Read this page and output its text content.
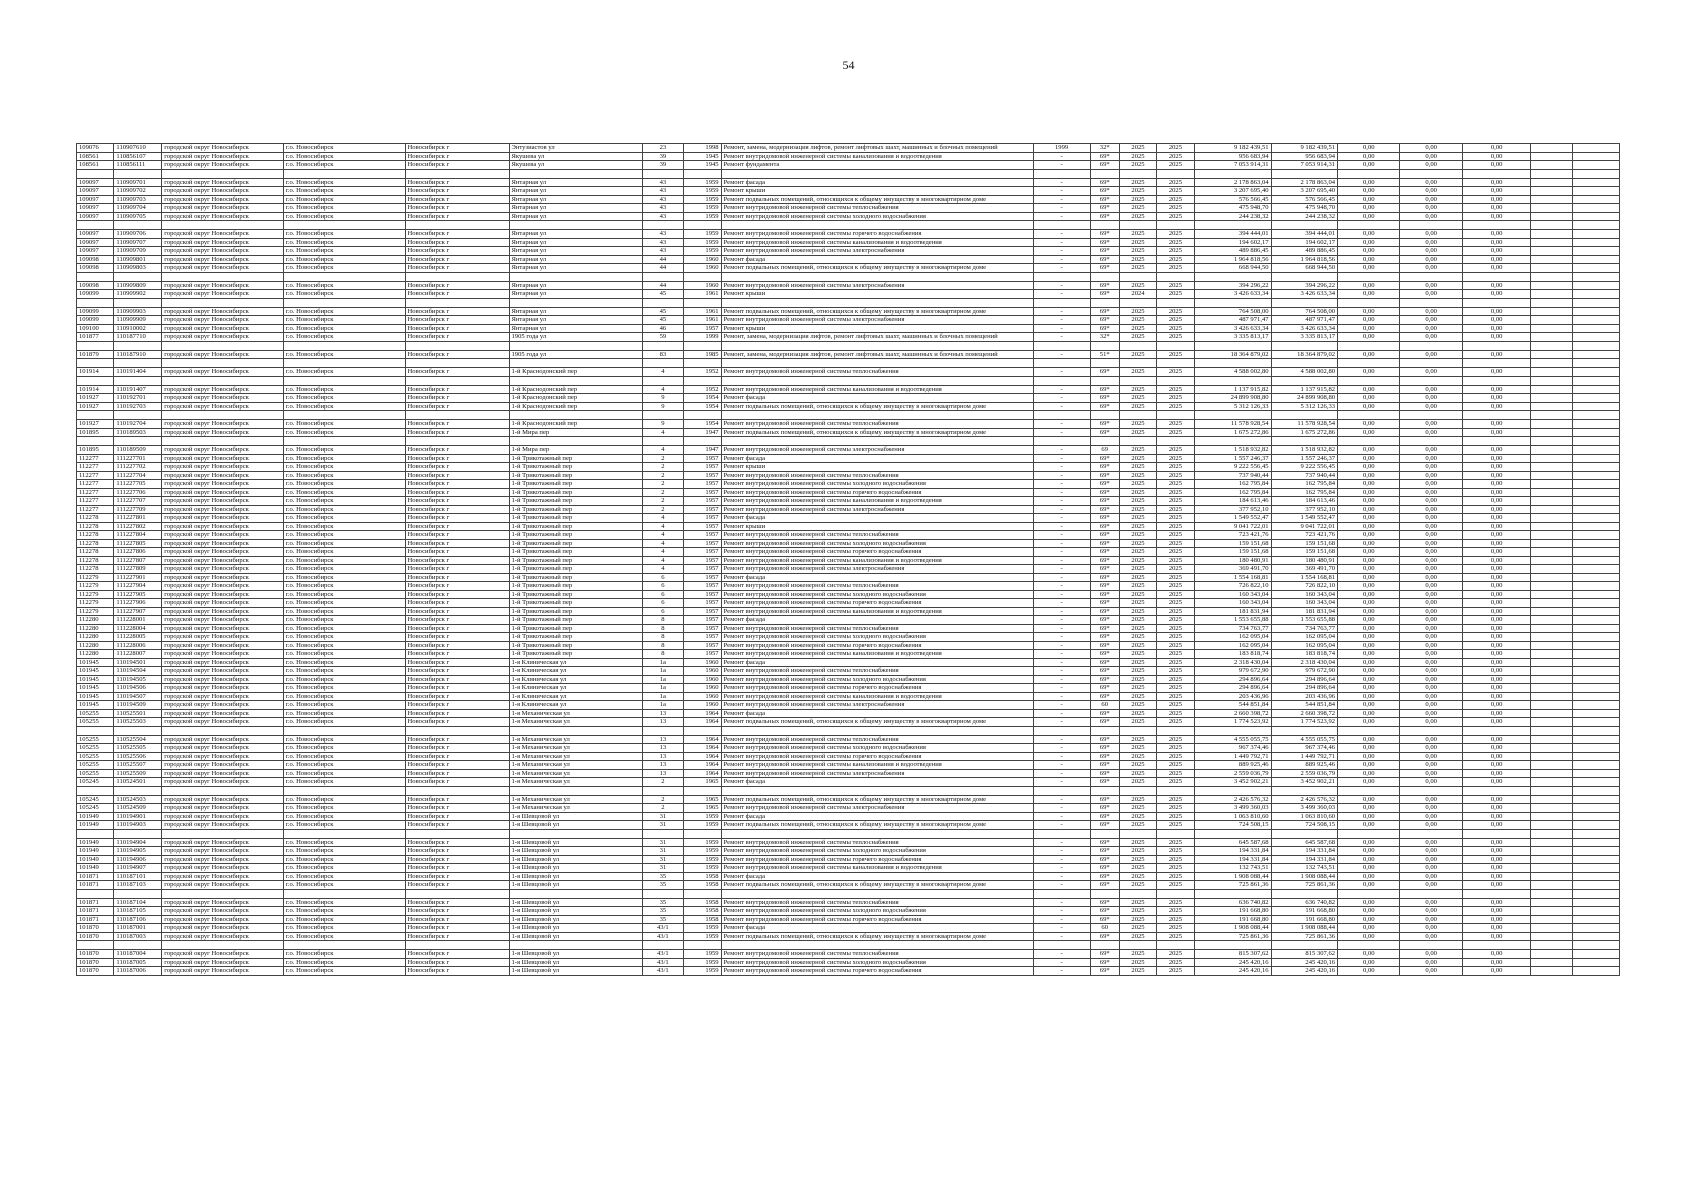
54
109076	110907610	городской округ Новосибирск	г.о. Новосибирск	Новосибирск г	Энтузиастов ул	23	1998	Ремонт, замена, модернизация лифтов, ремонт лифтовых шахт, машинных и блочных помещений	1999	32*	2025	2025	9 182 439,51	9 182 439,51	0,00	0,00	0,00		
108561	110856107	городской округ Новосибирск	г.о. Новосибирск	Новосибирск г	Якушева ул	39	1945	Ремонт внутридомовой инженерной системы канализования и водоотведения	-	69*	2025	2025	956 683,94	956 683,94	0,00	0,00	0,00		
108561	110856111	городской округ Новосибирск	г.о. Новосибирск	Новосибирск г	Якушева ул	39	1945	Ремонт фундамента	-	69*	2025	2025	7 053 914,31	7 053 914,31	0,00	0,00	0,00		

109097	110909701	городской округ Новосибирск	г.о. Новосибирск	Новосибирск г	Янтарная ул	43	1959	Ремонт фасада	-	69*	2025	2025	2 178 863,04	2 178 863,04	0,00	0,00	0,00		
109097	110909702	городской округ Новосибирск	г.о. Новосибирск	Новосибирск г	Янтарная ул	43	1959	Ремонт крыши	-	69*	2025	2025	3 207 695,40	3 207 695,40	0,00	0,00	0,00		
109097	110909703	городской округ Новосибирск	г.о. Новосибирск	Новосибирск г	Янтарная ул	43	1959	Ремонт подвальных помещений, относящихся к общему имуществу в многоквартирном доме	-	69*	2025	2025	576 566,45	576 566,45	0,00	0,00	0,00		
109097	110909704	городской округ Новосибирск	г.о. Новосибирск	Новосибирск г	Янтарная ул	43	1959	Ремонт внутридомовой инженерной системы теплоснабжения	-	69*	2025	2025	475 948,70	475 948,70	0,00	0,00	0,00		
109097	110909705	городской округ Новосибирск	г.о. Новосибирск	Новосибирск г	Янтарная ул	43	1959	Ремонт внутридомовой инженерной системы холодного водоснабжения	-	69*	2025	2025	244 238,32	244 238,32	0,00	0,00	0,00		

109097	110909706	городской округ Новосибирск	г.о. Новосибирск	Новосибирск г	Янтарная ул	43	1959	Ремонт внутридомовой инженерной системы горячего водоснабжения	-	69*	2025	2025	394 444,01	394 444,01	0,00	0,00	0,00		
109097	110909707	городской округ Новосибирск	г.о. Новосибирск	Новосибирск г	Янтарная ул	43	1959	Ремонт внутридомовой инженерной системы канализования и водоотведения	-	69*	2025	2025	194 602,17	194 602,17	0,00	0,00	0,00		
109097	110909709	городской округ Новосибирск	г.о. Новосибирск	Новосибирск г	Янтарная ул	43	1959	Ремонт внутридомовой инженерной системы электроснабжения	-	69*	2025	2025	489 886,45	489 886,45	0,00	0,00	0,00		
109098	110909801	городской округ Новосибирск	г.о. Новосибирск	Новосибирск г	Янтарная ул	44	1960	Ремонт фасада	-	69*	2025	2025	1 964 818,56	1 964 818,56	0,00	0,00	0,00		
109098	110909803	городской округ Новосибирск	г.о. Новосибирск	Новосибирск г	Янтарная ул	44	1960	Ремонт подвальных помещений, относящихся к общему имуществу в многоквартирном доме	-	69*	2025	2025	668 944,50	668 944,50	0,00	0,00	0,00		

109098	110909809	городской округ Новосибирск	г.о. Новосибирск	Новосибирск г	Янтарная ул	44	1960	Ремонт внутридомовой инженерной системы электроснабжения	-	69*	2025	2025	394 296,22	394 296,22	0,00	0,00	0,00		
109099	110909902	городской округ Новосибирск	г.о. Новосибирск	Новосибирск г	Янтарная ул	45	1961	Ремонт крыши	-	69*	2024	2025	3 426 633,34	3 426 633,34	0,00	0,00	0,00		

109099	110909903	городской округ Новосибирск	г.о. Новосибирск	Новосибирск г	Янтарная ул	45	1961	Ремонт подвальных помещений, относящихся к общему имуществу в многоквартирном доме	-	69*	2025	2025	764 508,00	764 508,00	0,00	0,00	0,00		
109099	110909909	городской округ Новосибирск	г.о. Новосибирск	Новосибирск г	Янтарная ул	45	1961	Ремонт внутридомовой инженерной системы электроснабжения	-	69*	2025	2025	487 971,47	487 971,47	0,00	0,00	0,00		
109100	110910002	городской округ Новосибирск	г.о. Новосибирск	Новосибирск г	Янтарная ул	46	1957	Ремонт крыши	-	69*	2025	2025	3 426 633,34	3 426 633,34	0,00	0,00	0,00		
101877	110187710	городской округ Новосибирск	г.о. Новосибирск	Новосибирск г	1905 года ул	59	1999	Ремонт, замена, модернизация лифтов, ремонт лифтовых шахт, машинных и блочных помещений	-	32*	2025	2025	3 335 813,17	3 335 813,17	0,00	0,00	0,00		

101879	110187910	городской округ Новосибирск	г.о. Новосибирск	Новосибирск г	1905 года ул	83	1985	Ремонт, замена, модернизация лифтов, ремонт лифтовых шахт, машинных и блочных помещений	-	51*	2025	2025	18 364 879,02	18 364 879,02	0,00	0,00	0,00		

101914	110191404	городской округ Новосибирск	г.о. Новосибирск	Новосибирск г	1-й Краснодонский пер	4	1952	Ремонт внутридомовой инженерной системы теплоснабжения	-	69*	2025	2025	4 588 002,80	4 588 002,80	0,00	0,00	0,00		

101914	110191407	городской округ Новосибирск	г.о. Новосибирск	Новосибирск г	1-й Краснодонский пер	4	1952	Ремонт внутридомовой инженерной системы канализования и водоотведения	-	69*	2025	2025	1 137 915,82	1 137 915,82	0,00	0,00	0,00		
101927	110192701	городской округ Новосибирск	г.о. Новосибирск	Новосибирск г	1-й Краснодонский пер	9	1954	Ремонт фасада	-	69*	2025	2025	24 899 908,80	24 899 908,80	0,00	0,00	0,00		
101927	110192703	городской округ Новосибирск	г.о. Новосибирск	Новосибирск г	1-й Краснодонский пер	9	1954	Ремонт подвальных помещений, относящихся к общему имуществу в многоквартирном доме	-	69*	2025	2025	5 312 126,33	5 312 126,33	0,00	0,00	0,00		

101927	110192704	городской округ Новосибирск	г.о. Новосибирск	Новосибирск г	1-й Краснодонский пер	9	1954	Ремонт внутридомовой инженерной системы теплоснабжения	-	69*	2025	2025	11 578 928,54	11 578 928,54	0,00	0,00	0,00		
101895	110189503	городской округ Новосибирск	г.о. Новосибирск	Новосибирск г	1-й Мира пер	4	1947	Ремонт подвальных помещений, относящихся к общему имуществу в многоквартирном доме	-	69*	2025	2025	1 675 272,86	1 675 272,86	0,00	0,00	0,00		

101895	110189509	городской округ Новосибирск	г.о. Новосибирск	Новосибирск г	1-й Мира пер	4	1947	Ремонт внутридомовой инженерной системы электроснабжения	-	69	2025	2025	1 518 932,82	1 518 932,82	0,00	0,00	0,00		
112277	111227701	городской округ Новосибирск	г.о. Новосибирск	Новосибирск г	1-й Трикотажный пер	2	1957	Ремонт фасада	-	69*	2025	2025	1 557 246,37	1 557 246,37	0,00	0,00	0,00		
112277	111227702	городской округ Новосибирск	г.о. Новосибирск	Новосибирск г	1-й Трикотажный пер	2	1957	Ремонт крыши	-	69*	2025	2025	9 222 556,45	9 222 556,45	0,00	0,00	0,00		
112277	111227704	городской округ Новосибирск	г.о. Новосибирск	Новосибирск г	1-й Трикотажный пер	2	1957	Ремонт внутридомовой инженерной системы теплоснабжения	-	69*	2025	2025	737 940,44	737 940,44	0,00	0,00	0,00		
112277	111227705	городской округ Новосибирск	г.о. Новосибирск	Новосибирск г	1-й Трикотажный пер	2	1957	Ремонт внутридомовой инженерной системы холодного водоснабжения	-	69*	2025	2025	162 795,84	162 795,84	0,00	0,00	0,00		
112277	111227706	городской округ Новосибирск	г.о. Новосибирск	Новосибирск г	1-й Трикотажный пер	2	1957	Ремонт внутридомовой инженерной системы горячего водоснабжения	-	69*	2025	2025	162 795,84	162 795,84	0,00	0,00	0,00		
112277	111227707	городской округ Новосибирск	г.о. Новосибирск	Новосибирск г	1-й Трикотажный пер	2	1957	Ремонт внутридомовой инженерной системы канализования и водоотведения	-	69*	2025	2025	184 613,46	184 613,46	0,00	0,00	0,00		
112277	111227709	городской округ Новосибирск	г.о. Новосибирск	Новосибирск г	1-й Трикотажный пер	2	1957	Ремонт внутридомовой инженерной системы электроснабжения	-	69*	2025	2025	377 952,10	377 952,10	0,00	0,00	0,00		
112278	111227801	городской округ Новосибирск	г.о. Новосибирск	Новосибирск г	1-й Трикотажный пер	4	1957	Ремонт фасада	-	69*	2025	2025	1 549 552,47	1 549 552,47	0,00	0,00	0,00		
112278	111227802	городской округ Новосибирск	г.о. Новосибирск	Новосибирск г	1-й Трикотажный пер	4	1957	Ремонт крыши	-	69*	2025	2025	9 041 722,01	9 041 722,01	0,00	0,00	0,00		
112278	111227804	городской округ Новосибирск	г.о. Новосибирск	Новосибирск г	1-й Трикотажный пер	4	1957	Ремонт внутридомовой инженерной системы теплоснабжения	-	69*	2025	2025	723 421,76	723 421,76	0,00	0,00	0,00		
112278	111227805	городской округ Новосибирск	г.о. Новосибирск	Новосибирск г	1-й Трикотажный пер	4	1957	Ремонт внутридомовой инженерной системы холодного водоснабжения	-	69*	2025	2025	159 151,68	159 151,68	0,00	0,00	0,00		
112278	111227806	городской округ Новосибирск	г.о. Новосибирск	Новосибирск г	1-й Трикотажный пер	4	1957	Ремонт внутридомовой инженерной системы горячего водоснабжения	-	69*	2025	2025	159 151,68	159 151,68	0,00	0,00	0,00		
112278	111227807	городской округ Новосибирск	г.о. Новосибирск	Новосибирск г	1-й Трикотажный пер	4	1957	Ремонт внутридомовой инженерной системы канализования и водоотведения	-	69*	2025	2025	180 480,91	180 480,91	0,00	0,00	0,00		
112278	111227809	городской округ Новосибирск	г.о. Новосибирск	Новосибирск г	1-й Трикотажный пер	4	1957	Ремонт внутридомовой инженерной системы электроснабжения	-	69*	2025	2025	369 491,70	369 491,70	0,00	0,00	0,00		
112279	111227901	городской округ Новосибирск	г.о. Новосибирск	Новосибирск г	1-й Трикотажный пер	6	1957	Ремонт фасада	-	69*	2025	2025	1 554 168,81	1 554 168,81	0,00	0,00	0,00		
112279	111227904	городской округ Новосибирск	г.о. Новосибирск	Новосибирск г	1-й Трикотажный пер	6	1957	Ремонт внутридомовой инженерной системы теплоснабжения	-	69*	2025	2025	726 822,10	726 822,10	0,00	0,00	0,00		
112279	111227905	городской округ Новосибирск	г.о. Новосибирск	Новосибирск г	1-й Трикотажный пер	6	1957	Ремонт внутридомовой инженерной системы холодного водоснабжения	-	69*	2025	2025	160 343,04	160 343,04	0,00	0,00	0,00		
112279	111227906	городской округ Новосибирск	г.о. Новосибирск	Новосибирск г	1-й Трикотажный пер	6	1957	Ремонт внутридомовой инженерной системы горячего водоснабжения	-	69*	2025	2025	160 343,04	160 343,04	0,00	0,00	0,00		
112279	111227907	городской округ Новосибирск	г.о. Новосибирск	Новосибирск г	1-й Трикотажный пер	6	1957	Ремонт внутридомовой инженерной системы канализования и водоотведения	-	69*	2025	2025	181 831,94	181 831,94	0,00	0,00	0,00		
112280	111228001	городской округ Новосибирск	г.о. Новосибирск	Новосибирск г	1-й Трикотажный пер	8	1957	Ремонт фасада	-	69*	2025	2025	1 553 655,88	1 553 655,88	0,00	0,00	0,00		
112280	111228004	городской округ Новосибирск	г.о. Новосибирск	Новосибирск г	1-й Трикотажный пер	8	1957	Ремонт внутридомовой инженерной системы теплоснабжения	-	69*	2025	2025	734 763,77	734 763,77	0,00	0,00	0,00		
112280	111228005	городской округ Новосибирск	г.о. Новосибирск	Новосибирск г	1-й Трикотажный пер	8	1957	Ремонт внутридомовой инженерной системы холодного водоснабжения	-	69*	2025	2025	162 095,04	162 095,04	0,00	0,00	0,00		
112280	111228006	городской округ Новосибирск	г.о. Новосибирск	Новосибирск г	1-й Трикотажный пер	8	1957	Ремонт внутридомовой инженерной системы горячего водоснабжения	-	69*	2025	2025	162 095,04	162 095,04	0,00	0,00	0,00		
112280	111228007	городской округ Новосибирск	г.о. Новосибирск	Новосибирск г	1-й Трикотажный пер	8	1957	Ремонт внутридомовой инженерной системы канализования и водоотведения	-	69*	2025	2025	183 818,74	183 818,74	0,00	0,00	0,00		
101945	110194501	городской округ Новосибирск	г.о. Новосибирск	Новосибирск г	1-я Клиническая ул	1а	1960	Ремонт фасада	-	69*	2025	2025	2 318 430,04	2 318 430,04	0,00	0,00	0,00		
101945	110194504	городской округ Новосибирск	г.о. Новосибирск	Новосибирск г	1-я Клиническая ул	1а	1960	Ремонт внутридомовой инженерной системы теплоснабжения	-	69*	2025	2025	979 672,90	979 672,90	0,00	0,00	0,00		
101945	110194505	городской округ Новосибирск	г.о. Новосибирск	Новосибирск г	1-я Клиническая ул	1а	1960	Ремонт внутридомовой инженерной системы холодного водоснабжения	-	69*	2025	2025	294 896,64	294 896,64	0,00	0,00	0,00		
101945	110194506	городской округ Новосибирск	г.о. Новосибирск	Новосибирск г	1-я Клиническая ул	1а	1960	Ремонт внутридомовой инженерной системы горячего водоснабжения	-	69*	2025	2025	294 896,64	294 896,64	0,00	0,00	0,00		
101945	110194507	городской округ Новосибирск	г.о. Новосибирск	Новосибирск г	1-я Клиническая ул	1а	1960	Ремонт внутридомовой инженерной системы канализования и водоотведения	-	69*	2025	2025	203 436,96	203 436,96	0,00	0,00	0,00		
101945	110194509	городской округ Новосибирск	г.о. Новосибирск	Новосибирск г	1-я Клиническая ул	1а	1960	Ремонт внутридомовой инженерной системы электроснабжения	-	60	2025	2025	544 851,84	544 851,84	0,00	0,00	0,00		
105255	110525501	городской округ Новосибирск	г.о. Новосибирск	Новосибирск г	1-я Механическая ул	13	1964	Ремонт фасада	-	69*	2025	2025	2 660 398,72	2 660 398,72	0,00	0,00	0,00		
105255	110525503	городской округ Новосибирск	г.о. Новосибирск	Новосибирск г	1-я Механическая ул	13	1964	Ремонт подвальных помещений, относящихся к общему имуществу в многоквартирном доме	-	69*	2025	2025	1 774 523,92	1 774 523,92	0,00	0,00	0,00		

105255	110525504	городской округ Новосибирск	г.о. Новосибирск	Новосибирск г	1-я Механическая ул	13	1964	Ремонт внутридомовой инженерной системы теплоснабжения	-	69*	2025	2025	4 555 055,75	4 555 055,75	0,00	0,00	0,00		
105255	110525505	городской округ Новосибирск	г.о. Новосибирск	Новосибирск г	1-я Механическая ул	13	1964	Ремонт внутридомовой инженерной системы холодного водоснабжения	-	69*	2025	2025	967 374,46	967 374,46	0,00	0,00	0,00		
105255	110525506	городской округ Новосибирск	г.о. Новосибирск	Новосибирск г	1-я Механическая ул	13	1964	Ремонт внутридомовой инженерной системы горячего водоснабжения	-	69*	2025	2025	1 449 792,71	1 449 792,71	0,00	0,00	0,00		
105255	110525507	городской округ Новосибирск	г.о. Новосибирск	Новосибирск г	1-я Механическая ул	13	1964	Ремонт внутридомовой инженерной системы канализования и водоотведения	-	69*	2025	2025	889 925,46	889 925,46	0,00	0,00	0,00		
105255	110525509	городской округ Новосибирск	г.о. Новосибирск	Новосибирск г	1-я Механическая ул	13	1964	Ремонт внутридомовой инженерной системы электроснабжения	-	69*	2025	2025	2 559 036,79	2 559 036,79	0,00	0,00	0,00		
105245	110524501	городской округ Новосибирск	г.о. Новосибирск	Новосибирск г	1-я Механическая ул	2	1965	Ремонт фасада	-	69*	2025	2025	3 452 902,21	3 452 902,21	0,00	0,00	0,00		

105245	110524503	городской округ Новосибирск	г.о. Новосибирск	Новосибирск г	1-я Механическая ул	2	1965	Ремонт подвальных помещений, относящихся к общему имуществу в многоквартирном доме	-	69*	2025	2025	2 426 576,32	2 426 576,32	0,00	0,00	0,00		
105245	110524509	городской округ Новосибирск	г.о. Новосибирск	Новосибирск г	1-я Механическая ул	2	1965	Ремонт внутридомовой инженерной системы электроснабжения	-	69*	2025	2025	3 499 360,03	3 499 360,03	0,00	0,00	0,00		
101949	110194901	городской округ Новосибирск	г.о. Новосибирск	Новосибирск г	1-я Шевцовой ул	31	1959	Ремонт фасада	-	69*	2025	2025	1 063 810,60	1 063 810,60	0,00	0,00	0,00		
101949	110194903	городской округ Новосибирск	г.о. Новосибирск	Новосибирск г	1-я Шевцовой ул	31	1959	Ремонт подвальных помещений, относящихся к общему имуществу в многоквартирном доме	-	69*	2025	2025	724 508,15	724 508,15	0,00	0,00	0,00		

101949	110194904	городской округ Новосибирск	г.о. Новосибирск	Новосибирск г	1-я Шевцовой ул	31	1959	Ремонт внутридомовой инженерной системы теплоснабжения	-	69*	2025	2025	645 587,68	645 587,68	0,00	0,00	0,00		
101949	110194905	городской округ Новосибирск	г.о. Новосибирск	Новосибирск г	1-я Шевцовой ул	31	1959	Ремонт внутридомовой инженерной системы холодного водоснабжения	-	69*	2025	2025	194 331,84	194 331,84	0,00	0,00	0,00		
101949	110194906	городской округ Новосибирск	г.о. Новосибирск	Новосибирск г	1-я Шевцовой ул	31	1959	Ремонт внутридомовой инженерной системы горячего водоснабжения	-	69*	2025	2025	194 331,84	194 331,84	0,00	0,00	0,00		
101949	110194907	городской округ Новосибирск	г.о. Новосибирск	Новосибирск г	1-я Шевцовой ул	31	1959	Ремонт внутридомовой инженерной системы канализования и водоотведения	-	69*	2025	2025	132 743,51	132 743,51	0,00	0,00	0,00		
101871	110187101	городской округ Новосибирск	г.о. Новосибирск	Новосибирск г	1-я Шевцовой ул	35	1958	Ремонт фасада	-	69*	2025	2025	1 908 088,44	1 908 088,44	0,00	0,00	0,00		
101871	110187103	городской округ Новосибирск	г.о. Новосибирск	Новосибирск г	1-я Шевцовой ул	35	1958	Ремонт подвальных помещений, относящихся к общему имуществу в многоквартирном доме	-	69*	2025	2025	725 861,36	725 861,36	0,00	0,00	0,00		

101871	110187104	городской округ Новосибирск	г.о. Новосибирск	Новосибирск г	1-я Шевцовой ул	35	1958	Ремонт внутридомовой инженерной системы теплоснабжения	-	69*	2025	2025	636 740,82	636 740,82	0,00	0,00	0,00		
101871	110187105	городской округ Новосибирск	г.о. Новосибирск	Новосибирск г	1-я Шевцовой ул	35	1958	Ремонт внутридомовой инженерной системы холодного водоснабжения	-	69*	2025	2025	191 668,80	191 668,80	0,00	0,00	0,00		
101871	110187106	городской округ Новосибирск	г.о. Новосибирск	Новосибирск г	1-я Шевцовой ул	35	1958	Ремонт внутридомовой инженерной системы горячего водоснабжения	-	69*	2025	2025	191 668,80	191 668,80	0,00	0,00	0,00		
101870	110187001	городской округ Новосибирск	г.о. Новосибирск	Новосибирск г	1-я Шевцовой ул	43/1	1959	Ремонт фасада	-	60	2025	2025	1 908 088,44	1 908 088,44	0,00	0,00	0,00		
101870	110187003	городской округ Новосибирск	г.о. Новосибирск	Новосибирск г	1-я Шевцовой ул	43/1	1959	Ремонт подвальных помещений, относящихся к общему имуществу в многоквартирном доме	-	69*	2025	2025	725 861,36	725 861,36	0,00	0,00	0,00		

101870	110187004	городской округ Новосибирск	г.о. Новосибирск	Новосибирск г	1-я Шевцовой ул	43/1	1959	Ремонт внутридомовой инженерной системы теплоснабжения	-	69*	2025	2025	815 307,62	815 307,62	0,00	0,00	0,00		
101870	110187005	городской округ Новосибирск	г.о. Новосибирск	Новосибирск г	1-я Шевцовой ул	43/1	1959	Ремонт внутридомовой инженерной системы холодного водоснабжения	-	69*	2025	2025	245 420,16	245 420,16	0,00	0,00	0,00		
101870	110187006	городской округ Новосибирск	г.о. Новосибирск	Новосибирск г	1-я Шевцовой ул	43/1	1959	Ремонт внутридомовой инженерной системы горячего водоснабжения	-	69*	2025	2025	245 420,16	245 420,16	0,00	0,00	0,00		
